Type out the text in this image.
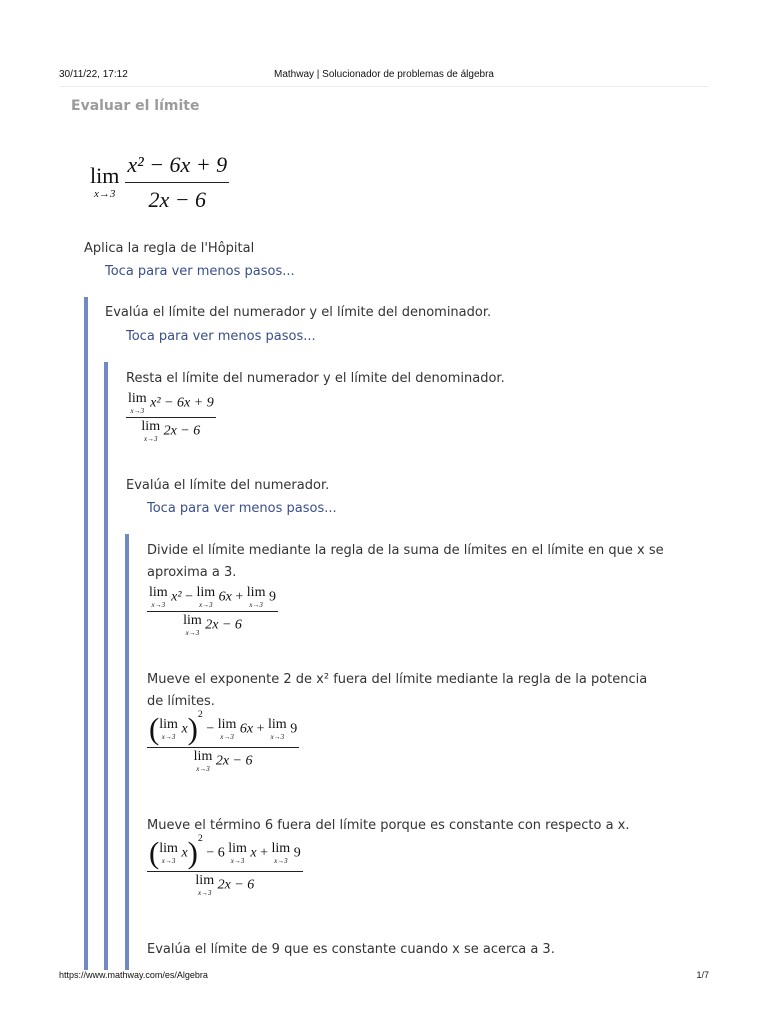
30/11/22, 17:12	Mathway | Solucionador de problemas de álgebra
Evaluar el límite
lim
$x\to 3 \frac{\text{x² − 6x + 9}}{2x - 6}$
Aplica la regla de l'Hôpital
Toca para ver menos pasos...
Evalúa el límite del numerador y el límite del denominador.
Toca para ver menos pasos...
Resta el límite del numerador y el límite del denominador.
lim
x→3
x² − 6x + 9
lim
x→3
2x − 6
Evalúa el límite del numerador.
Toca para ver menos pasos...
Divide el límite mediante la regla de la suma de límites en el límite en que x se aproxima a 3.
lim
x→3
x² − lim
x→3
6x + lim
x→3
9
lim
x→3
2x − 6
Mueve el exponente 2 de x² fuera del límite mediante la regla de la potencia de límites.
( lim
x→3
x)$^2$ − lim
x→3
6x + lim
x→3
9
lim
x→3
2x − 6
Mueve el término 6 fuera del límite porque es constante con respecto a x.
( lim
x→3
x)$^2$ − 6 lim
x→3
x + lim
x→3
9
lim
x→3
2x − 6
Evalúa el límite de 9 que es constante cuando x se acerca a 3.
https://www.mathway.com/es/Algebra	1/7
